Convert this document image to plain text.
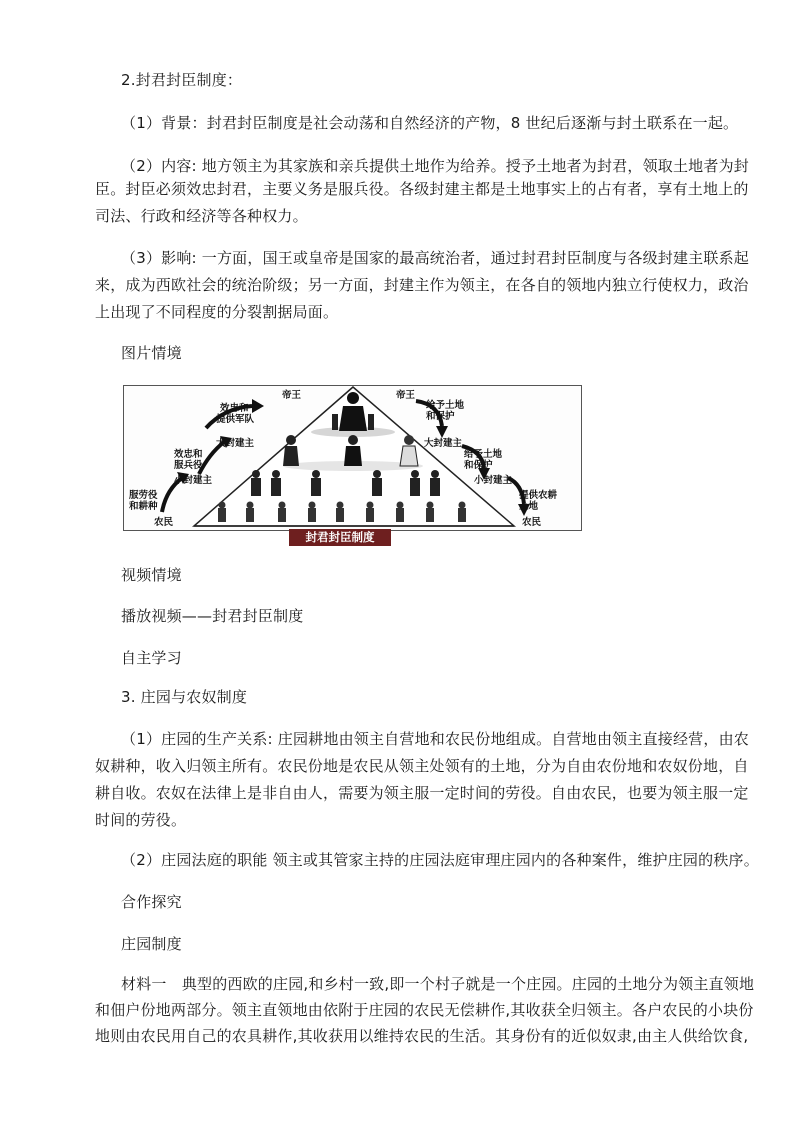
2.封君封臣制度：
（1）背景：封君封臣制度是社会动荡和自然经济的产物，8 世纪后逐渐与封土联系在一起。
（2）内容: 地方领主为其家族和亲兵提供土地作为给养。授予土地者为封君，领取土地者为封
臣。封臣必须效忠封君，主要义务是服兵役。各级封建主都是土地事实上的占有者，享有土地上的
司法、行政和经济等各种权力。
（3）影响: 一方面，国王或皇帝是国家的最高统治者，通过封君封臣制度与各级封建主联系起
来，成为西欧社会的统治阶级；另一方面，封建主作为领主，在各自的领地内独立行使权力，政治
上出现了不同程度的分裂割据局面。
图片情境
帝王
效忠和
提供军队
大封建主
效忠和
服兵役
小封建主
服劳役
和耕种
农民
帝王
给予土地
和保护
大封建主
给予土地
和保护
小封建主
提供农耕
土地
农民
封君封臣制度
视频情境
播放视频——封君封臣制度
自主学习
3. 庄园与农奴制度
（1）庄园的生产关系: 庄园耕地由领主自营地和农民份地组成。自营地由领主直接经营，由农
奴耕种，收入归领主所有。农民份地是农民从领主处领有的土地，分为自由农份地和农奴份地，自
耕自收。农奴在法律上是非自由人，需要为领主服一定时间的劳役。自由农民，也要为领主服一定
时间的劳役。
（2）庄园法庭的职能 领主或其管家主持的庄园法庭审理庄园内的各种案件，维护庄园的秩序。
合作探究
庄园制度
材料一　典型的西欧的庄园,和乡村一致,即一个村子就是一个庄园。庄园的土地分为领主直领地
和佃户份地两部分。领主直领地由依附于庄园的农民无偿耕作,其收获全归领主。各户农民的小块份
地则由农民用自己的农具耕作,其收获用以维持农民的生活。其身份有的近似奴隶,由主人供给饮食,
